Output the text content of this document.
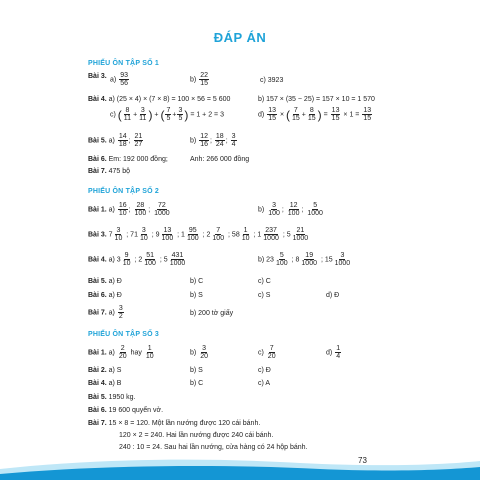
ĐÁP ÁN
PHIẾU ÔN TẬP SỐ 1
Bài 3. $a) \frac{93}{56}$	$b) \frac{22}{15}$	c) 3923
Bài 4. a) (25 × 4) × (7 × 8) = 100 × 56 = 5 600	b) 157 × (35 − 25) = 157 × 10 = 1 570
c) ( $\frac{8}{11} + \frac{3}{11}$ ) + ( $\frac{7}{5} + \frac{3}{5}$ ) = 1 + 2 = 3	$d) \frac{13}{15}$ × ( $\frac{7}{15} + \frac{8}{15}$ ) = $\frac{13}{15} \times 1 = \frac{13}{15}$
Bài 5. $a) \frac{14}{18}$ ; $\frac{21}{27}$	$b) \frac{12}{16}$ ; $\frac{18}{24}$ ; $\frac{3}{4}$
Bài 6. Em: 192 000 đồng;	Anh: 266 000 đồng
Bài 7. 475 bộ
PHIẾU ÔN TẬP SỐ 2
Bài 1. $a) \frac{16}{10}$ ; $\frac{28}{100}$ ; $\frac{72}{1000}$	$b) \frac{3}{100}$ ; $\frac{12}{100}$ ; $\frac{5}{1000}$
Bài 3. $7 \frac{3}{10}$ ; $71 \frac{3}{10}$ ; $9 \frac{13}{100}$ ; $1 \frac{95}{100}$ ; $2 \frac{7}{100}$ ; $58 \frac{1}{10}$ ; $1 \frac{237}{1000}$ ; $5 \frac{21}{1000}$
Bài 4. a) $3 \frac{9}{10}$ ; $2 \frac{51}{100}$ ; $5 \frac{431}{1000}$	b) $23 \frac{5}{100}$ ; $8 \frac{19}{1000}$ ; $15 \frac{3}{1000}$
Bài 5. a) Đ	b) C	c) C
Bài 6. a) Đ	b) S	c) S	d) Đ
Bài 7. $a) \frac{3}{2}$	b) 200 tờ giấy
PHIẾU ÔN TẬP SỐ 3
Bài 1. $a) \frac{2}{20}$ hay $\frac{1}{10}$	$b) \frac{3}{20}$	$c) \frac{7}{20}$	$d) \frac{1}{4}$
Bài 2. a) S	b) S	c) Đ
Bài 4. a) B	b) C	c) A
Bài 5. 1950 kg.
Bài 6. 19 600 quyển vở.
Bài 7. 15 × 8 = 120. Một lần nướng được 120 cái bánh.
120 × 2 = 240. Hai lần nướng được 240 cái bánh.
240 : 10 = 24. Sau hai lần nướng, cửa hàng có 24 hộp bánh.
73
